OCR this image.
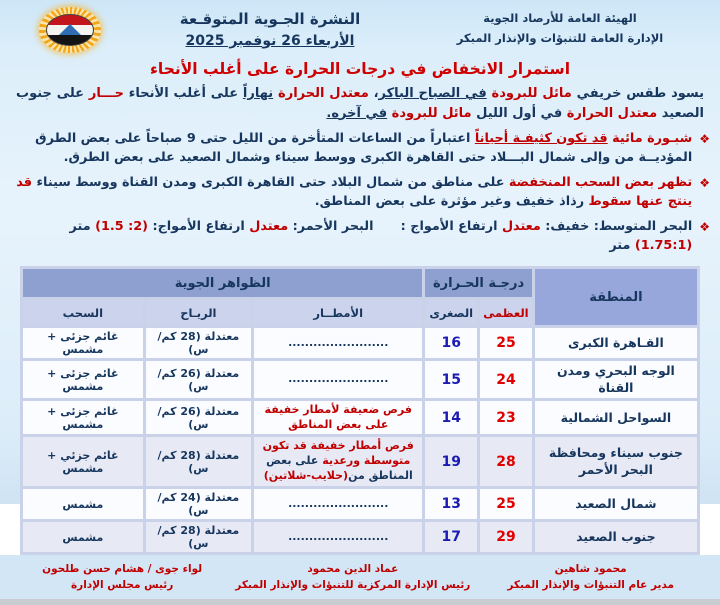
الهيئة العامة للأرصاد الجوية
الإدارة العامة للتنبؤات والإنذار المبكر
النشرة الجـوية المتوقـعة
الأربعاء 26 نوفمبر 2025
استمرار الانخفاض في درجات الحرارة على أغلب الأنحاء
يسود طقس خريفي مائل للبرودة في الصباح الباكر، معتدل الحرارة نهاراً على أغلب الأنحاء حـــار على جنوب الصعيد معتدل الحرارة في أول الليل مائل للبرودة في آخره.
❖
شبـورة مائية قد تكون كثيفـة أحياناً اعتباراً من الساعات المتأخرة من الليل حتى 9 صباحاً على بعض الطرق المؤديــة من وإلى شمال البـــلاد حتى القاهرة الكبرى ووسط سيناء وشمال الصعيد على بعض الطرق.
❖
تظهر بعض السحب المنخفضة على مناطق من شمال البلاد حتى القاهرة الكبرى ومدن القناة ووسط سيناء قد ينتج عنها سقوط رذاذ خفيف وغير مؤثرة على بعض المناطق.
❖
البحر المتوسط: خفيف: معتدل ارتفاع الأمواج : (1.75:1) متر
البحر الأحمر: معتدل ارتفاع الأمواج: (2: 1.5) متر
المنطقة	درجـة الحـرارة		الظواهر الجوية		
	العظمى	الصغرى	الأمطــار	الريـاح	السحب
القـاهرة الكبرى	25	16	........................	معتدلة (28 كم/س)	غائم جزئى + مشمس
الوجه البحري ومدن القناة	24	15	........................	معتدلة (26 كم/س)	غائم جزئى + مشمس
السواحل الشمالية	23	14	فرص ضعيفة لأمطار خفيفة على بعض المناطق	معتدلة (26 كم/س)	غائم جزئى + مشمس
جنوب سيناء ومحافظة البحر الأحمر	28	19	فرص أمطار خفيفة قد تكون متوسطة ورعدية على بعض المناطق من(حلايب-شلاتين)	معتدلة (28 كم/س)	غائم جزئي + مشمس
شمال الصعيد	25	13	........................	معتدلة (24 كم/س)	مشمس
جنوب الصعيد	29	17	........................	معتدلة (28 كم/س)	مشمس
محمود شاهين
مدير عام التنبؤات والإنذار المبكر
عماد الدين محمود
رئيس الإدارة المركزية للتنبؤات والإنذار المبكر
لواء جوى / هشام حسن طلحون
رئيس مجلس الإدارة
